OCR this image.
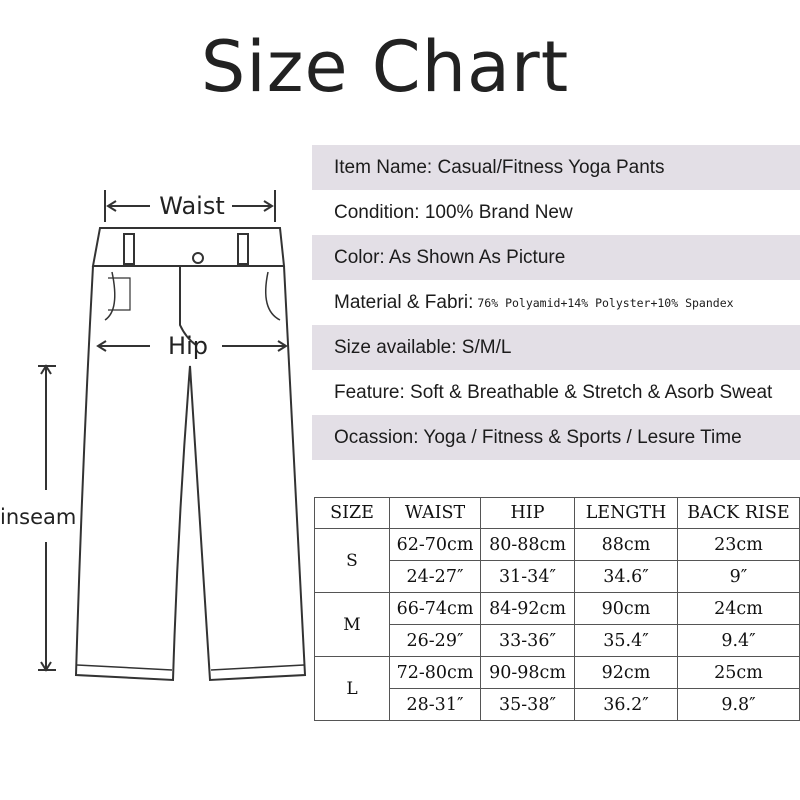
Size Chart
Waist
Hip
inseam
Item Name: Casual/Fitness Yoga Pants
Condition: 100% Brand New
Color: As Shown As Picture
Material & Fabri: 76% Polyamid+14% Polyster+10% Spandex
Size available: S/M/L
Feature: Soft & Breathable & Stretch & Asorb Sweat
Ocassion: Yoga / Fitness & Sports / Lesure Time
SIZE	WAIST	HIP	LENGTH	BACK RISE
S	62-70cm	80-88cm	88cm	23cm
	24-27″	31-34″	34.6″	9″
M	66-74cm	84-92cm	90cm	24cm
	26-29″	33-36″	35.4″	9.4″
L	72-80cm	90-98cm	92cm	25cm
	28-31″	35-38″	36.2″	9.8″
